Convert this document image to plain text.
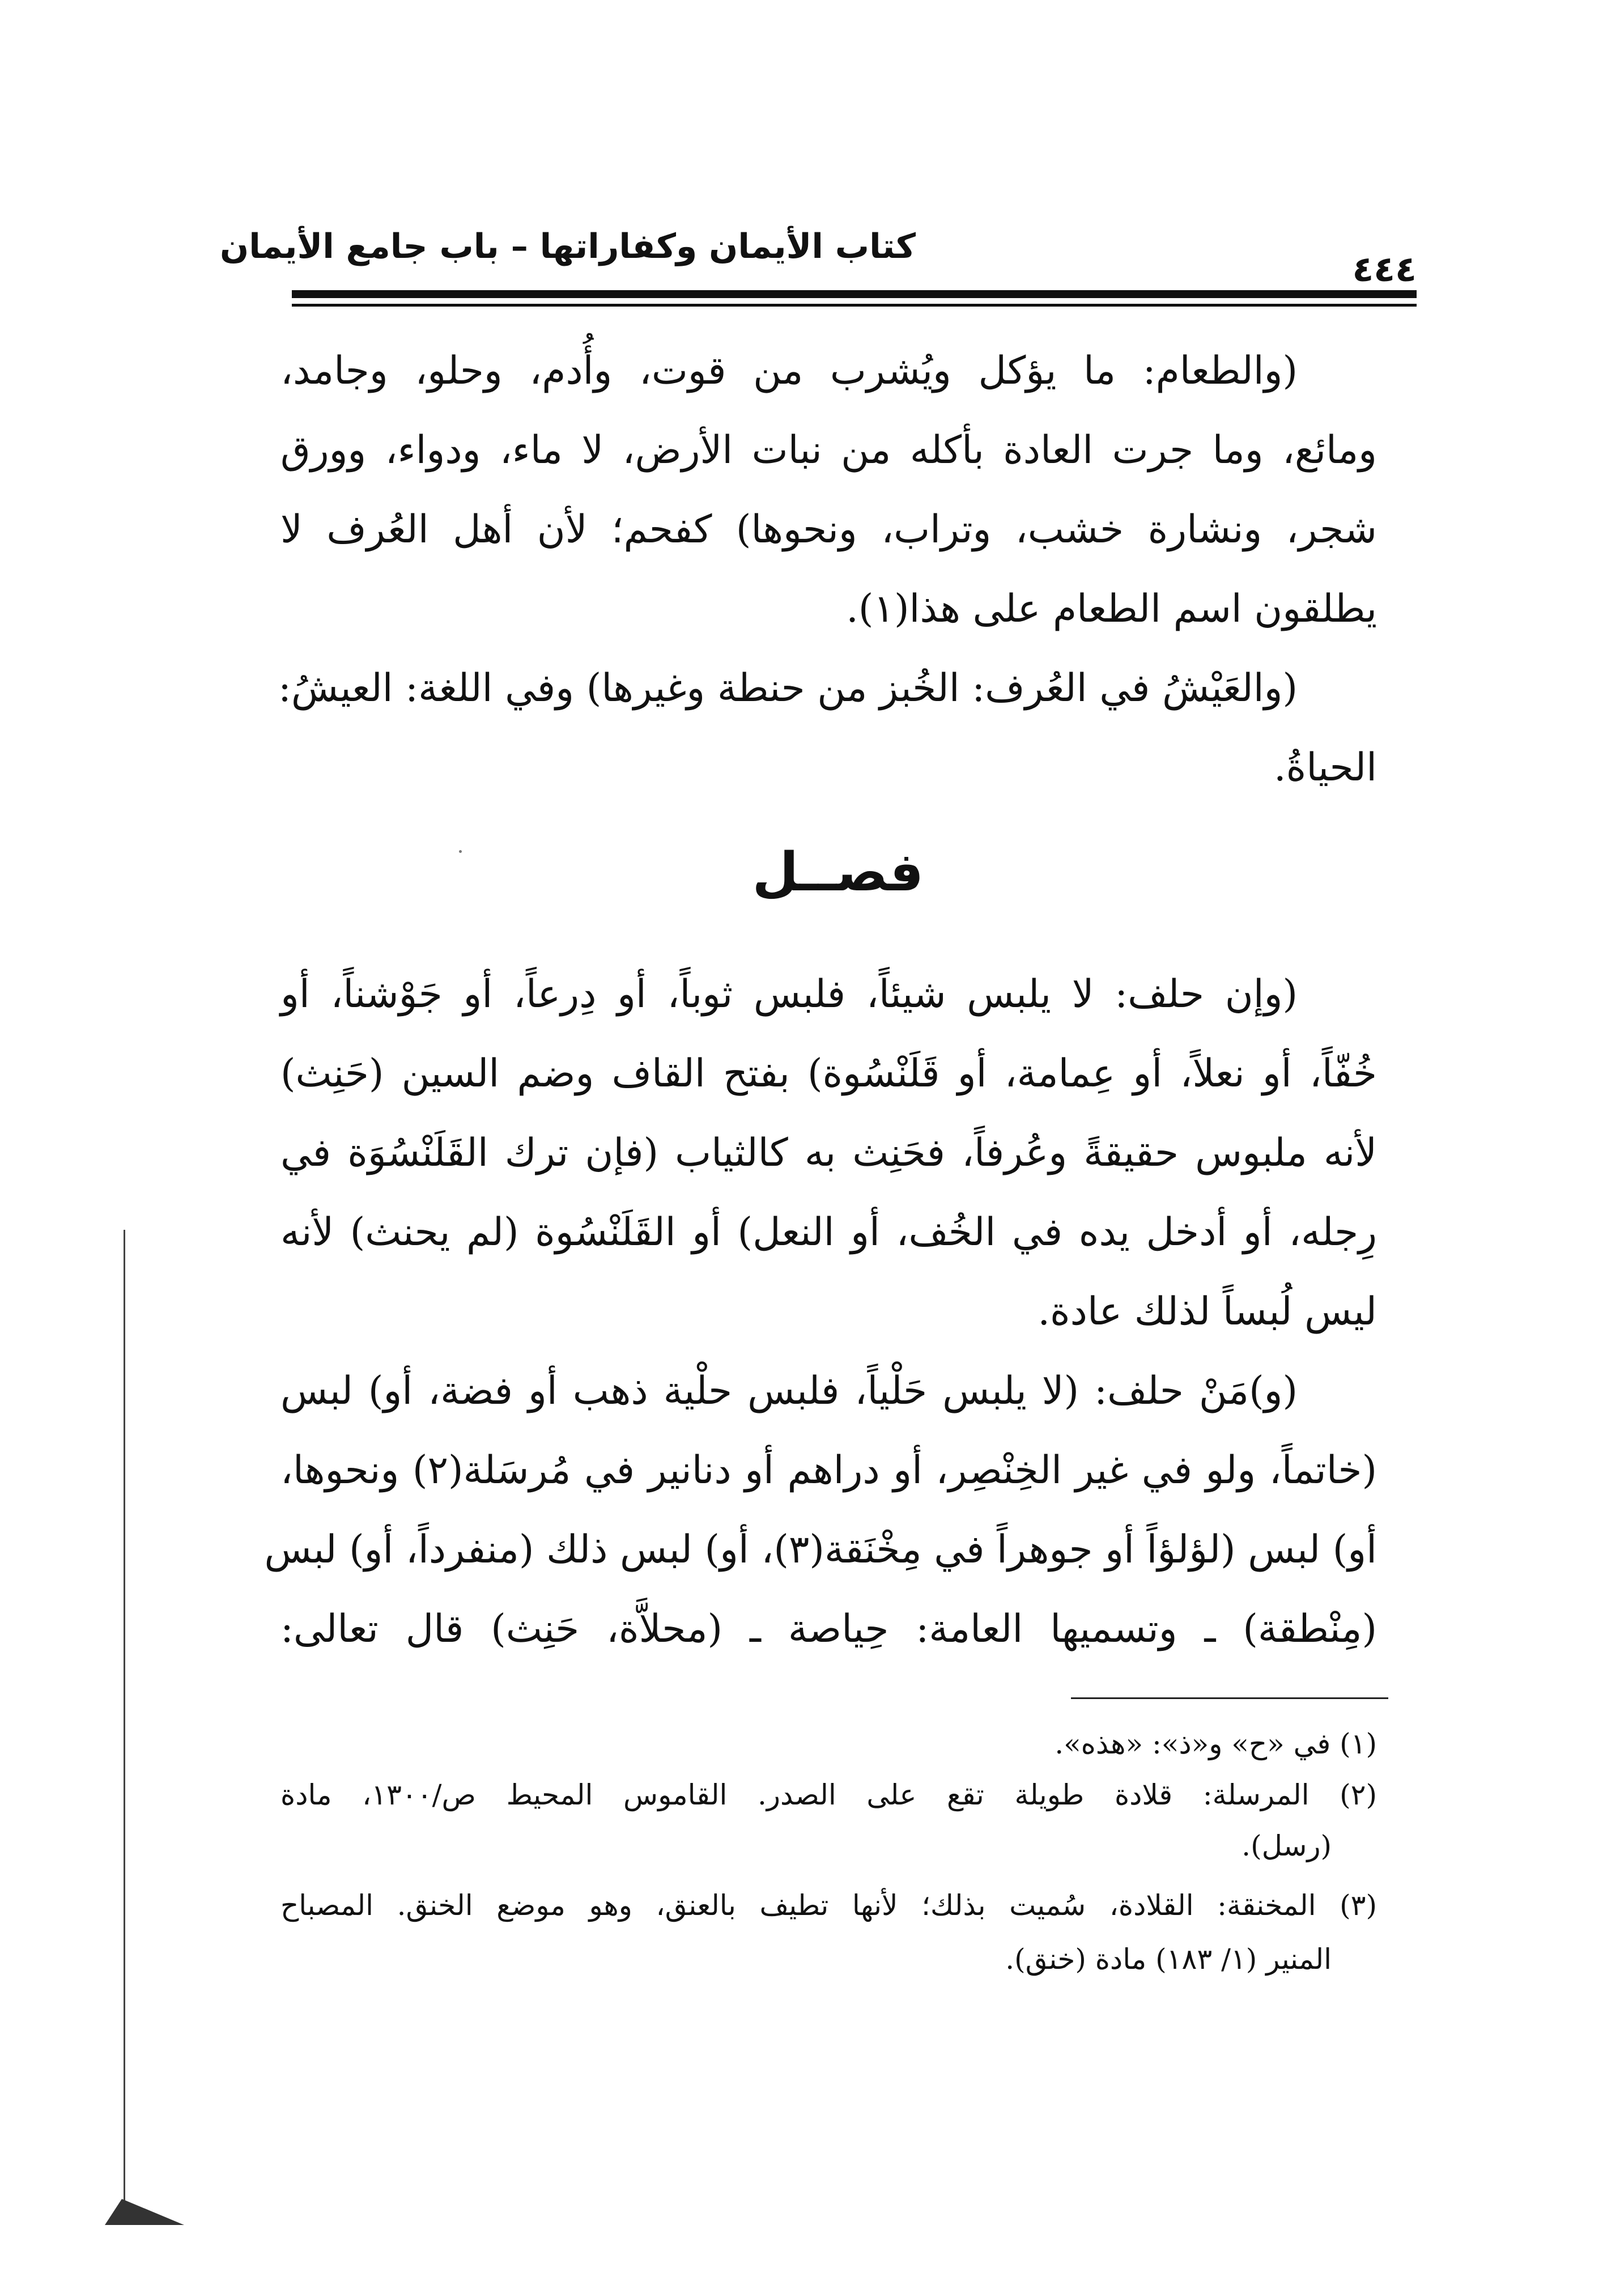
كتاب الأيمان وكفاراتها – باب جامع الأيمان
٤٤٤
(والطعام: ما يؤكل ويُشرب من قوت، وأُدم، وحلو، وجامد،
ومائع، وما جرت العادة بأكله من نبات الأرض، لا ماء، ودواء، وورق
شجر، ونشارة خشب، وتراب، ونحوها) كفحم؛ لأن أهل العُرف لا
يطلقون اسم الطعام على هذا(١).
(والعَيْشُ في العُرف: الخُبز من حنطة وغيرها) وفي اللغة: العيشُ:
الحياةُ.
فصــل
(وإن حلف: لا يلبس شيئاً، فلبس ثوباً، أو دِرعاً، أو جَوْشناً، أو
خُفّاً، أو نعلاً، أو عِمامة، أو قَلَنْسُوة) بفتح القاف وضم السين (حَنِث)
لأنه ملبوس حقيقةً وعُرفاً، فحَنِث به كالثياب (فإن ترك القَلَنْسُوَة في
رِجله، أو أدخل يده في الخُف، أو النعل) أو القَلَنْسُوة (لم يحنث) لأنه
ليس لُبساً لذلك عادة.
(و)مَنْ حلف: (لا يلبس حَلْياً، فلبس حلْية ذهب أو فضة، أو) لبس
(خاتماً، ولو في غير الخِنْصِر، أو دراهم أو دنانير في مُرسَلة(٢) ونحوها،
أو) لبس (لؤلؤاً أو جوهراً في مِخْنَقة(٣)، أو) لبس ذلك (منفرداً، أو) لبس
(مِنْطقة) ـ وتسميها العامة: حِياصة ـ (محلاَّة، حَنِث) قال تعالى:
(١) في «ح» و«ذ»: «هذه».
(٢) المرسلة: قلادة طويلة تقع على الصدر. القاموس المحيط ص/١٣٠٠، مادة
(رسل).
(٣) المخنقة: القلادة، سُميت بذلك؛ لأنها تطيف بالعنق، وهو موضع الخنق. المصباح
المنير (١/ ١٨٣) مادة (خنق).
